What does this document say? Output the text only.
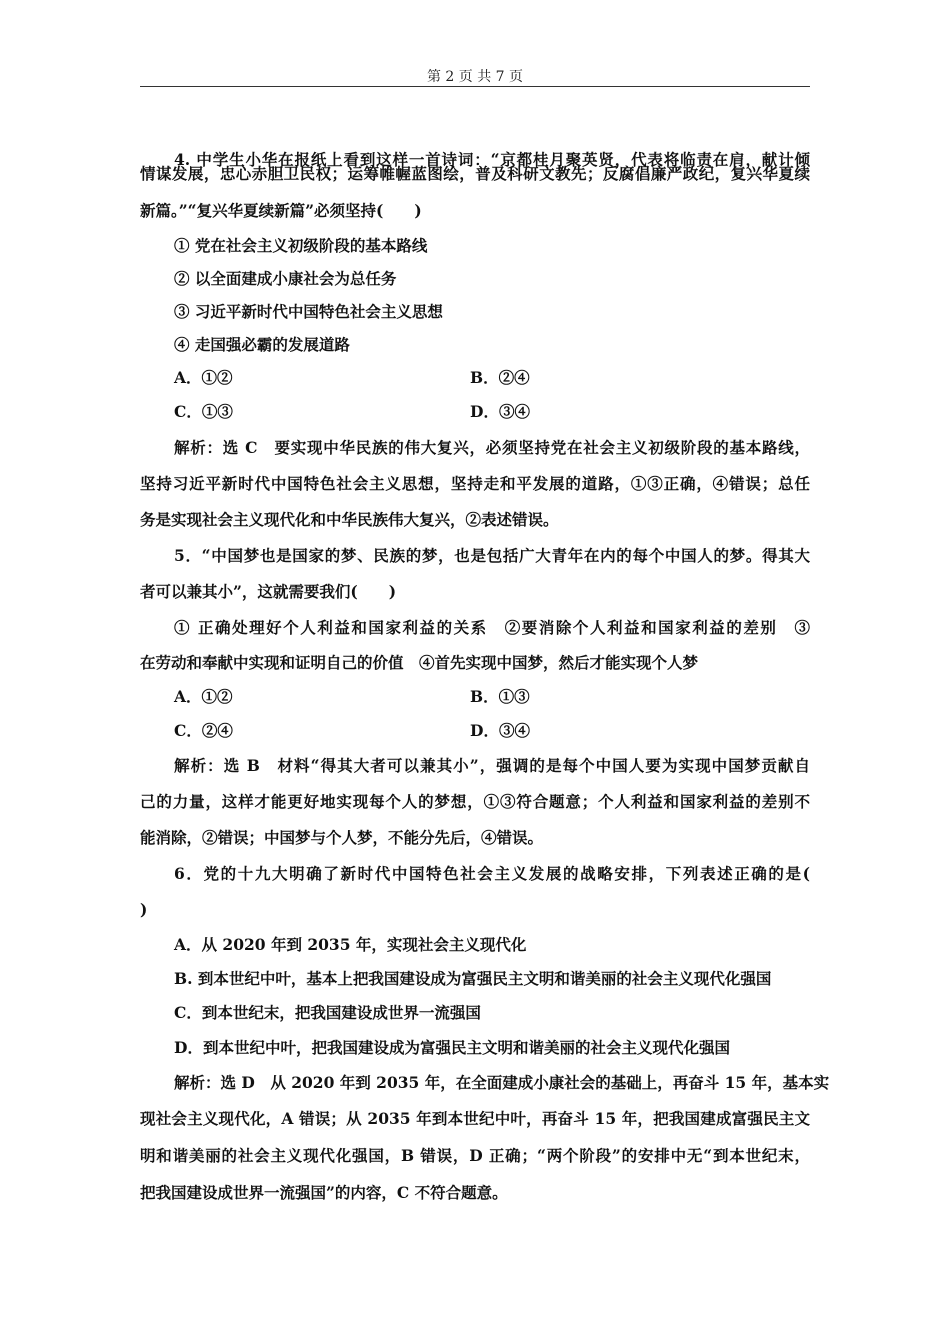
第 2 页 共 7 页
4. 中学生小华在报纸上看到这样一首诗词：“京都桂月聚英贤，代表将临责在肩，献计倾
情谋发展，忠心赤胆卫民权；运筹帷幄蓝图绘，普及科研文教先；反腐倡廉严政纪，复兴华夏续
新篇。”“复兴华夏续新篇”必须坚持(　　)
① 党在社会主义初级阶段的基本路线
② 以全面建成小康社会为总任务
③ 习近平新时代中国特色社会主义思想
④ 走国强必霸的发展道路
A．①②	B．②④
C．①③	D．③④
解析：选 C　要实现中华民族的伟大复兴，必须坚持党在社会主义初级阶段的基本路线，
坚持习近平新时代中国特色社会主义思想，坚持走和平发展的道路，①③正确，④错误；总任
务是实现社会主义现代化和中华民族伟大复兴，②表述错误。
5．“中国梦也是国家的梦、民族的梦，也是包括广大青年在内的每个中国人的梦。得其大
者可以兼其小”，这就需要我们(　　)
① 正确处理好个人利益和国家利益的关系　②要消除个人利益和国家利益的差别　③
在劳动和奉献中实现和证明自己的价值　④首先实现中国梦，然后才能实现个人梦
A．①②	B．①③
C．②④	D．③④
解析：选 B　材料“得其大者可以兼其小”，强调的是每个中国人要为实现中国梦贡献自
己的力量，这样才能更好地实现每个人的梦想，①③符合题意；个人利益和国家利益的差别不
能消除，②错误；中国梦与个人梦，不能分先后，④错误。
6．党的十九大明确了新时代中国特色社会主义发展的战略安排，下列表述正确的是(
)
A．从 2020 年到 2035 年，实现社会主义现代化
B. 到本世纪中叶，基本上把我国建设成为富强民主文明和谐美丽的社会主义现代化强国
C．到本世纪末，把我国建设成世界一流强国
D．到本世纪中叶，把我国建设成为富强民主文明和谐美丽的社会主义现代化强国
解析：选 D　从 2020 年到 2035 年，在全面建成小康社会的基础上，再奋斗 15 年，基本实
现社会主义现代化，A 错误；从 2035 年到本世纪中叶，再奋斗 15 年，把我国建成富强民主文
明和谐美丽的社会主义现代化强国，B 错误，D 正确；“两个阶段”的安排中无“到本世纪末，
把我国建设成世界一流强国”的内容，C 不符合题意。
